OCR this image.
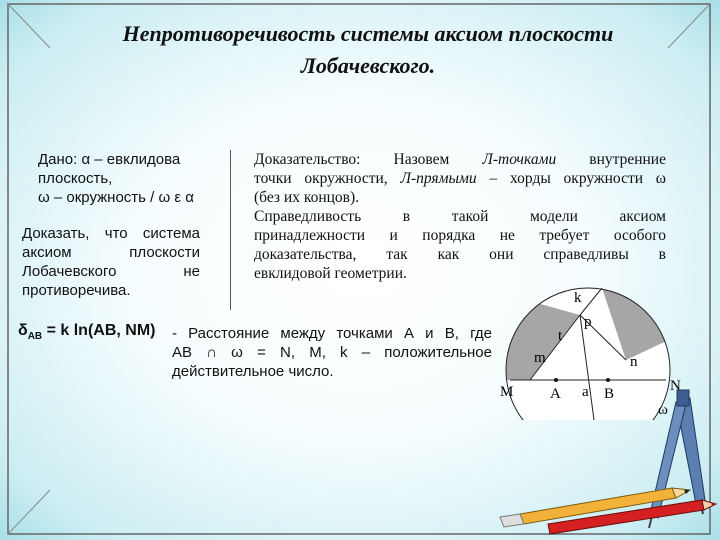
Непротиворечивость системы аксиом плоскости
Лобачевского.
Дано: α – евклидова
плоскость,
ω – окружность / ω ε α
Доказать, что система
аксиом плоскости
Лобачевского не
противоречива.
Доказательство: Назовем Л-точками внутренние
точки окружности, Л-прямыми – хорды окружности ω
(без их концов).
Справедливость в такой модели аксиом
принадлежности и порядка не требует особого
доказательства, так как они справедливы в
евклидовой геометрии.
$\delta_{AB} = k$ ln(AB, NM) - Расстояние между точками А и В, где
АВ ∩ ω = N, M, k – положительное
действительное число.
k
p
t
m	n
M A a B	N
ω
